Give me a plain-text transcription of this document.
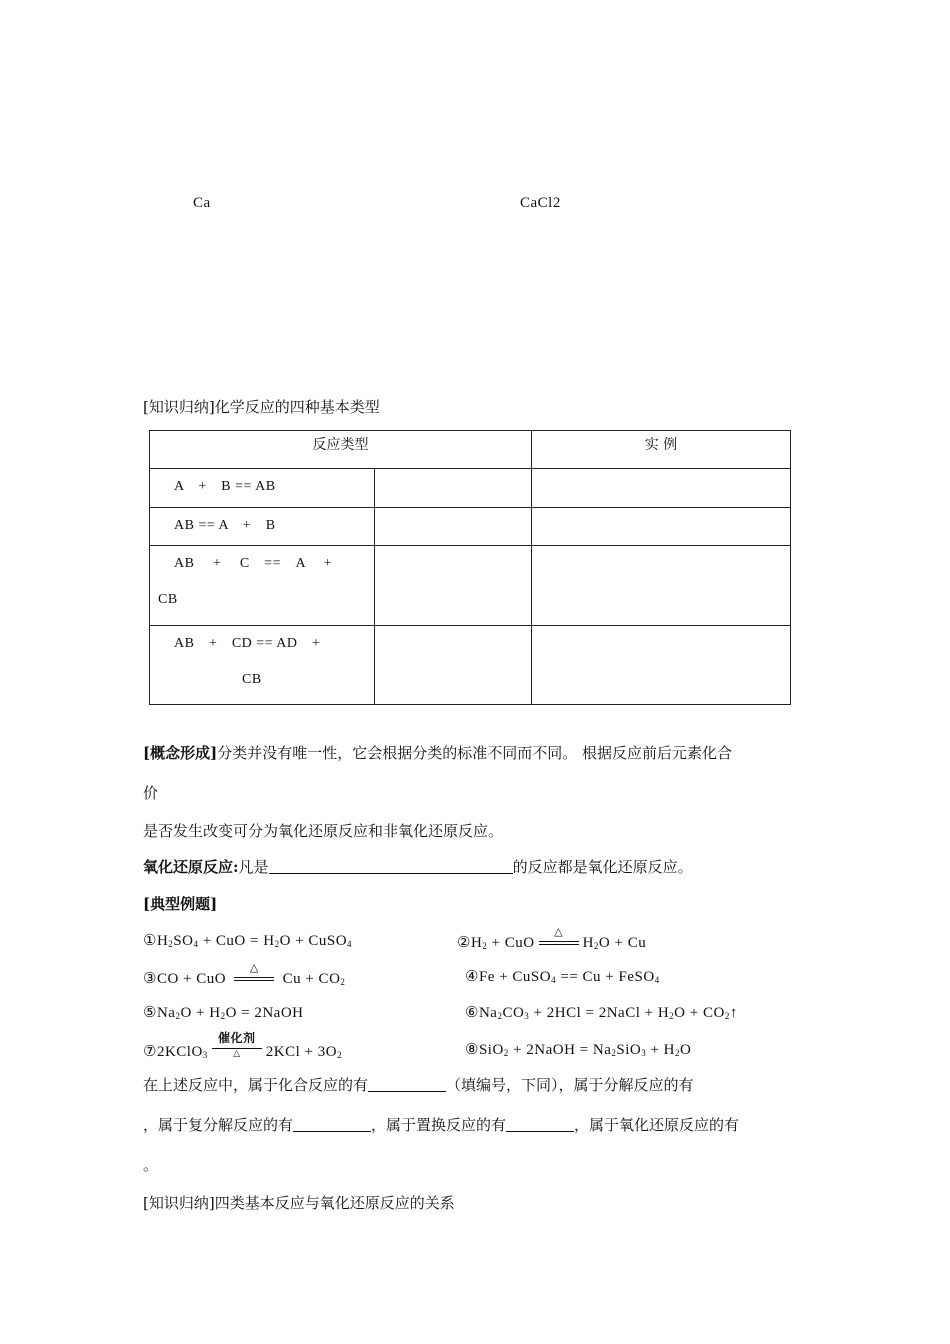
Ca	CaCl2
[知识归纳]化学反应的四种基本类型
反应类型		实 例
A　+　B == AB		
AB == A　+　B		

AB　 +　 C　==　A　 +
CB		

AB　+　CD == AD　+
CB		

[概念形成]分类并没有唯一性，它会根据分类的标准不同而不同。 根据反应前后元素化合
价
是否发生改变可分为氧化还原反应和非氧化还原反应。
氧化还原反应:凡是	的反应都是氧化还原反应。
[典型例题]
$①H_2SO_4$ + CuO = $H_2O$ + CuSO$_4$	$②H_2$ + CuO
△
$H_2O + Cu$
③CO + CuO
△
$Cu + CO_2$	④Fe + CuSO$_4$ == Cu + FeSO$_4$
$⑤Na_2O + H_2O$ = 2NaOH	$⑥Na_2CO_3 + 2HCl$ = 2NaCl + $H_2O$ + $CO_2↑$
⑦2KClO$_3$
催化剂
△	$2KCl + 3O_2$	⑧SiO$_2$ + 2NaOH = $Na_2SiO_3 + H_2O$
在上述反应中，属于化合反应的有	（填编号，下同），属于分解反应的有
，属于复分解反应的有	，属于置换反应的有	，属于氧化还原反应的有
。
[知识归纳]四类基本反应与氧化还原反应的关系
